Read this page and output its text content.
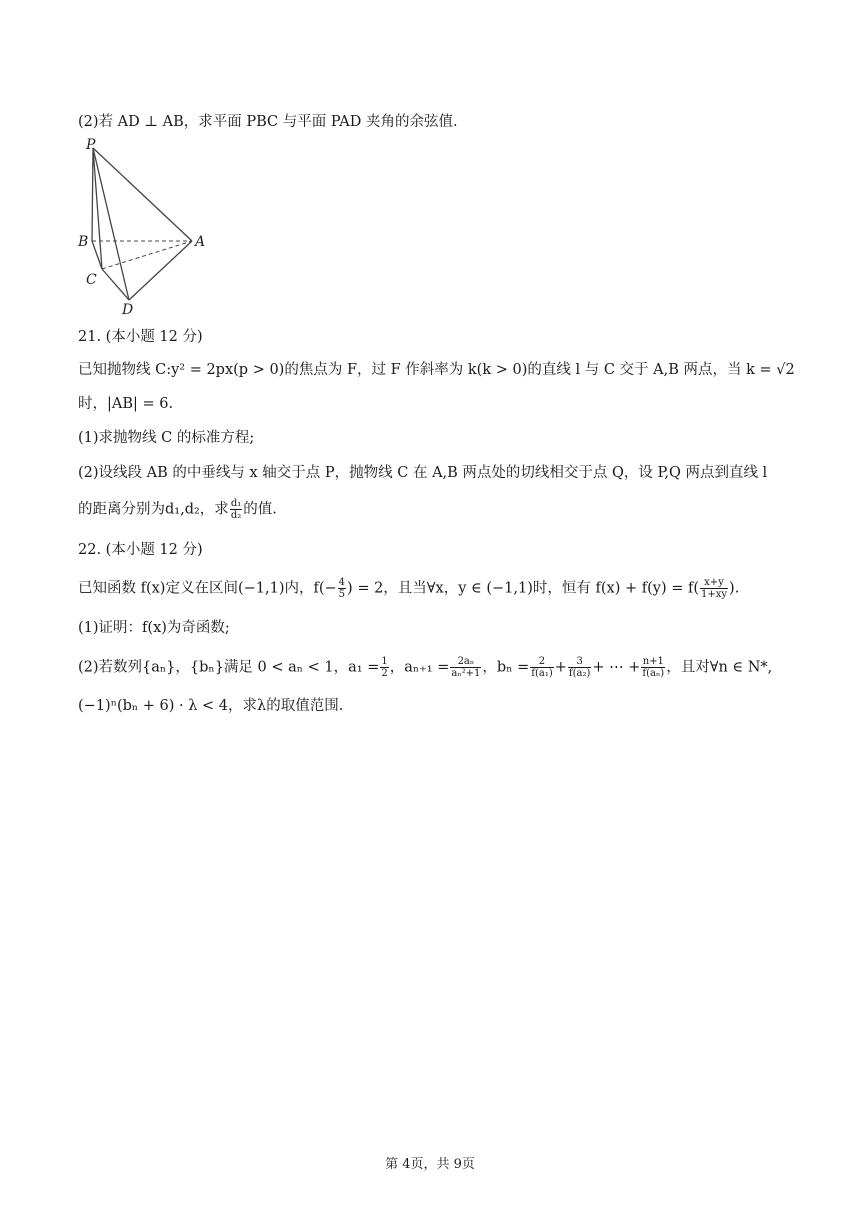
(2)若 AD ⊥ AB，求平面 PBC 与平面 PAD 夹角的余弦值.
P
A
B
C
D
21. (本小题 12 分)
已知抛物线 C:y² = 2px(p > 0)的焦点为 F，过 F 作斜率为 k(k > 0)的直线 l 与 C 交于 A,B 两点，当 k = √2
时，|AB| = 6.
(1)求抛物线 C 的标准方程;
(2)设线段 AB 的中垂线与 x 轴交于点 P，抛物线 C 在 A,B 两点处的切线相交于点 Q，设 P,Q 两点到直线 l
的距离分别为d₁,d₂，求 $\frac{\text{d₁}}{\text{d₂}}$ 的值.
22. (本小题 12 分)
已知函数 f(x)定义在区间(−1,1)内，$f(- \frac{4}{5}$ ) = 2，且当∀x，y ∈ (−1,1)时，恒有 $f(x) + f(y) = f( \frac{x+y}{1+xy}$ ).
(1)证明：f(x)为奇函数;
(2)若数列{aₙ}，{bₙ}满足 0 < aₙ < 1，$a_1 = \frac{1}{2}$ ，$a_{n+1} = \frac{\text{2aₙ}}{\text{aₙ²+1}}$ ，$b_n = \frac{2}{\text{f(a₁)}} + \frac{3}{\text{f(a₂)}}$ + ⋯ + $\frac{n+1}{\text{f(aₙ)}}$ ，且对∀n ∈ N*,
(−1)ⁿ(bₙ + 6) · λ < 4，求λ的取值范围.
第 4页，共 9页
